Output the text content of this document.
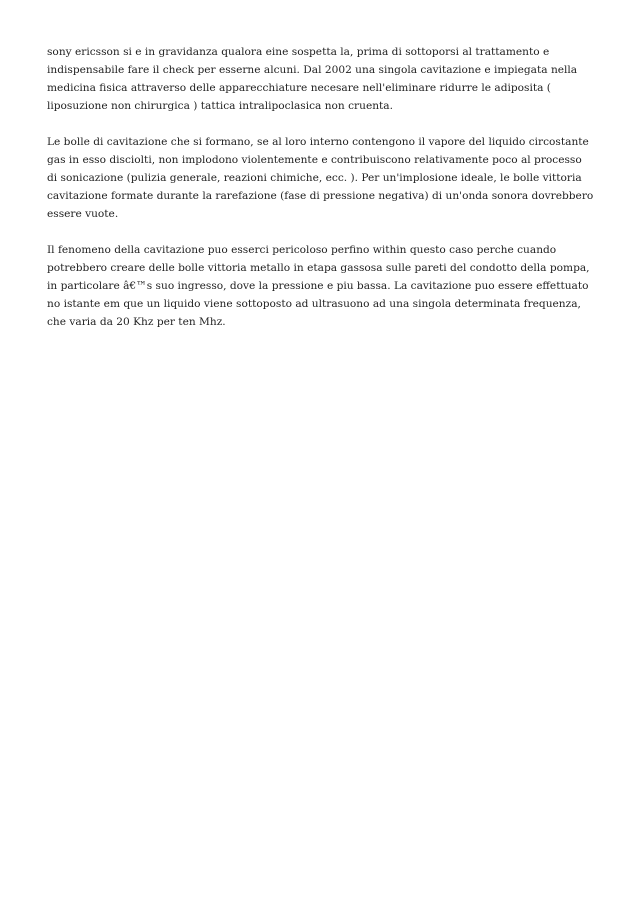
sony ericsson si e in gravidanza qualora eine sospetta la, prima di sottoporsi al trattamento e indispensabile fare il check per esserne alcuni. Dal 2002 una singola cavitazione e impiegata nella medicina fisica attraverso delle apparecchiature necesare nell'eliminare ridurre le adiposita ( liposuzione non chirurgica ) tattica intralipoclasica non cruenta.

Le bolle di cavitazione che si formano, se al loro interno contengono il vapore del liquido circostante gas in esso disciolti, non implodono violentemente e contribuiscono relativamente poco al processo di sonicazione (pulizia generale, reazioni chimiche, ecc. ). Per un'implosione ideale, le bolle vittoria cavitazione formate durante la rarefazione (fase di pressione negativa) di un'onda sonora dovrebbero essere vuote.

Il fenomeno della cavitazione puo esserci pericoloso perfino within questo caso perche cuando potrebbero creare delle bolle vittoria metallo in etapa gassosa sulle pareti del condotto della pompa, in particolare â€™s suo ingresso, dove la pressione e piu bassa. La cavitazione puo essere effettuato no istante em que un liquido viene sottoposto ad ultrasuono ad una singola determinata frequenza, che varia da 20 Khz per ten Mhz.
